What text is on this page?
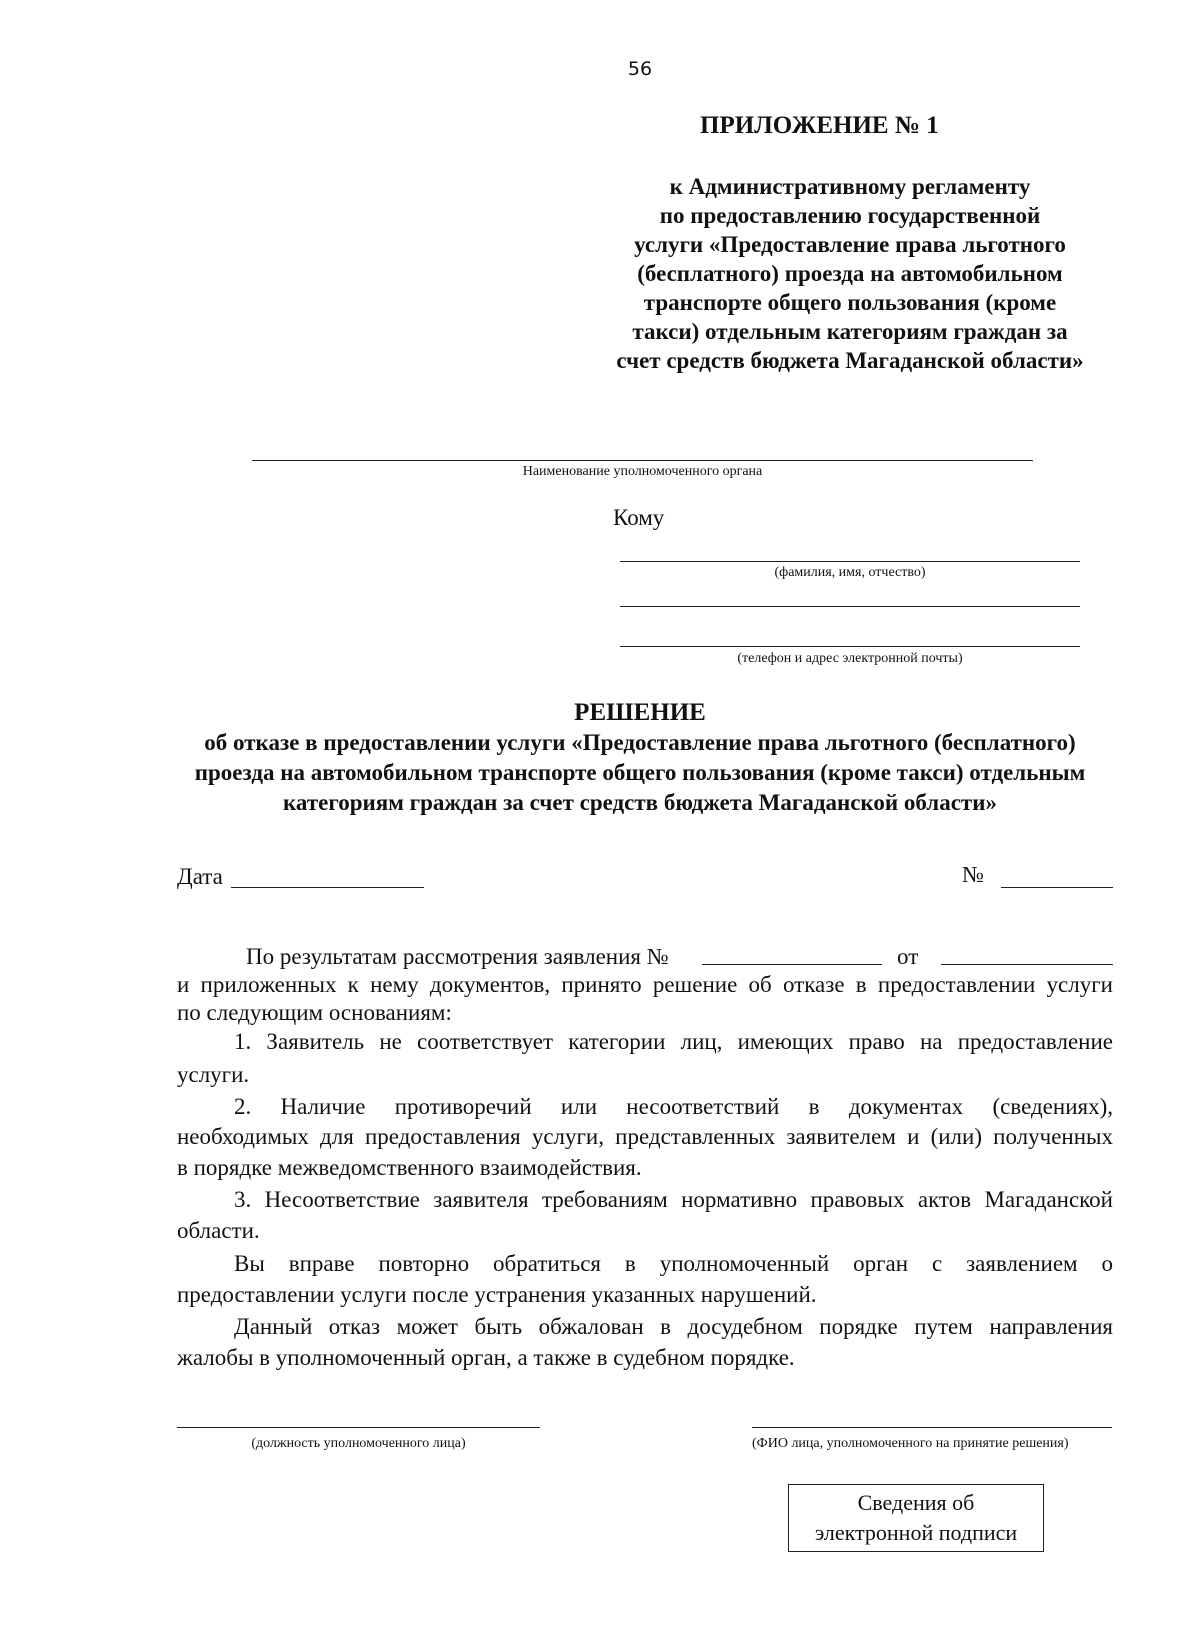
56
ПРИЛОЖЕНИЕ № 1
к Административному регламенту
по предоставлению государственной
услуги «Предоставление права льготного
(бесплатного) проезда на автомобильном
транспорте общего пользования (кроме
такси) отдельным категориям граждан за
счет средств бюджета Магаданской области»
Наименование уполномоченного органа
Кому
(фамилия, имя, отчество)
(телефон и адрес электронной почты)
РЕШЕНИЕ
об отказе в предоставлении услуги «Предоставление права льготного (бесплатного)
проезда на автомобильном транспорте общего пользования (кроме такси) отдельным
категориям граждан за счет средств бюджета Магаданской области»
Дата	№
По результатам рассмотрения заявления №	от
и приложенных к нему документов, принято решение об отказе в предоставлении услуги
по следующим основаниям:
1. Заявитель не соответствует категории лиц, имеющих право на предоставление
услуги.
2. Наличие противоречий или несоответствий в документах (сведениях),
необходимых для предоставления услуги, представленных заявителем и (или) полученных
в порядке межведомственного взаимодействия.
3. Несоответствие заявителя требованиям нормативно правовых актов Магаданской
области.
Вы вправе повторно обратиться в уполномоченный орган с заявлением о
предоставлении услуги после устранения указанных нарушений.
Данный отказ может быть обжалован в досудебном порядке путем направления
жалобы в уполномоченный орган, а также в судебном порядке.
(должность уполномоченного лица)	(ФИО лица, уполномоченного на принятие решения)
Сведения об
электронной подписи
